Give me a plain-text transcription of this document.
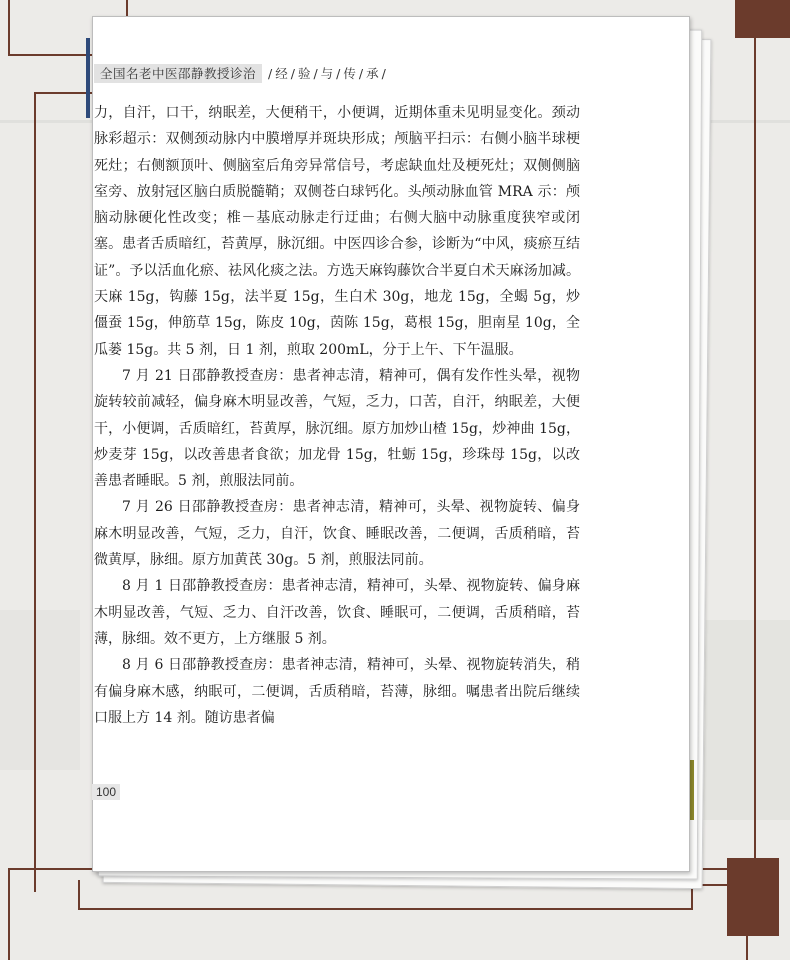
全国名老中医邵静教授诊治 /经/验/与/传/承/

力，自汗，口干，纳眠差，大便稍干，小便调，近期体重未见明显变化。颈动脉彩超示：双侧颈动脉内中膜增厚并斑块形成；颅脑平扫示：右侧小脑半球梗死灶；右侧额顶叶、侧脑室后角旁异常信号，考虑缺血灶及梗死灶；双侧侧脑室旁、放射冠区脑白质脱髓鞘；双侧苍白球钙化。头颅动脉血管 MRA 示：颅脑动脉硬化性改变；椎－基底动脉走行迂曲；右侧大脑中动脉重度狭窄或闭塞。患者舌质暗红，苔黄厚，脉沉细。中医四诊合参，诊断为“中风，痰瘀互结证”。予以活血化瘀、祛风化痰之法。方选天麻钩藤饮合半夏白术天麻汤加减。天麻 15g，钩藤 15g，法半夏 15g，生白术 30g，地龙 15g，全蝎 5g，炒僵蚕 15g，伸筋草 15g，陈皮 10g，茵陈 15g，葛根 15g，胆南星 10g，全瓜蒌 15g。共 5 剂，日 1 剂，煎取 200mL，分于上午、下午温服。

7 月 21 日邵静教授查房：患者神志清，精神可，偶有发作性头晕，视物旋转较前减轻，偏身麻木明显改善，气短，乏力，口苦，自汗，纳眠差，大便干，小便调，舌质暗红，苔黄厚，脉沉细。原方加炒山楂 15g，炒神曲 15g，炒麦芽 15g，以改善患者食欲；加龙骨 15g，牡蛎 15g，珍珠母 15g，以改善患者睡眠。5 剂，煎服法同前。

7 月 26 日邵静教授查房：患者神志清，精神可，头晕、视物旋转、偏身麻木明显改善，气短，乏力，自汗，饮食、睡眠改善，二便调，舌质稍暗，苔微黄厚，脉细。原方加黄芪 30g。5 剂，煎服法同前。

8 月 1 日邵静教授查房：患者神志清，精神可，头晕、视物旋转、偏身麻木明显改善，气短、乏力、自汗改善，饮食、睡眠可，二便调，舌质稍暗，苔薄，脉细。效不更方，上方继服 5 剂。

8 月 6 日邵静教授查房：患者神志清，精神可，头晕、视物旋转消失，稍有偏身麻木感，纳眠可，二便调，舌质稍暗，苔薄，脉细。嘱患者出院后继续口服上方 14 剂。随访患者偏

100
